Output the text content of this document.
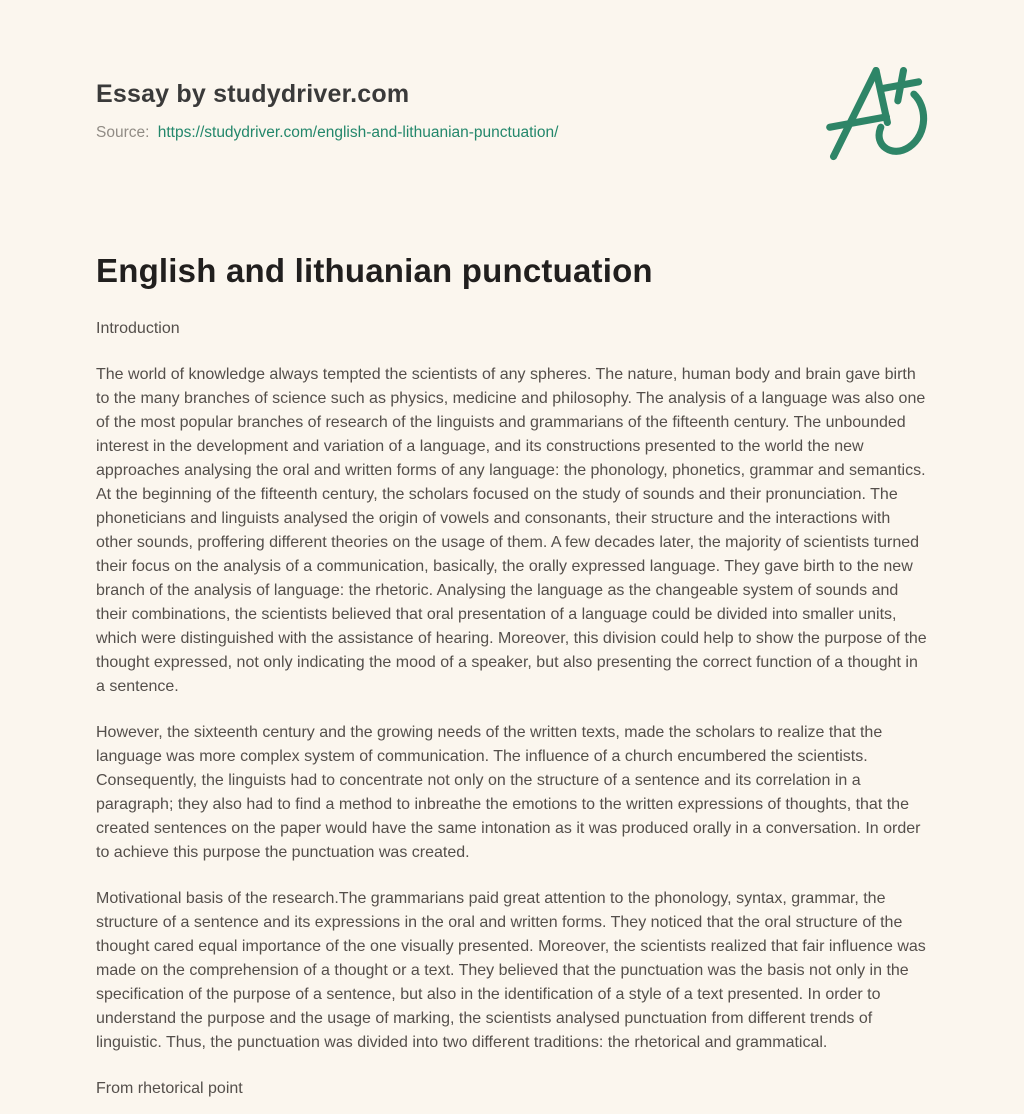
Essay by studydriver.com

Source: https://studydriver.com/english-and-lithuanian-punctuation/

English and lithuanian punctuation

Introduction

The world of knowledge always tempted the scientists of any spheres. The nature, human body and brain gave birth to the many branches of science such as physics, medicine and philosophy. The analysis of a language was also one of the most popular branches of research of the linguists and grammarians of the fifteenth century. The unbounded interest in the development and variation of a language, and its constructions presented to the world the new approaches analysing the oral and written forms of any language: the phonology, phonetics, grammar and semantics. At the beginning of the fifteenth century, the scholars focused on the study of sounds and their pronunciation. The phoneticians and linguists analysed the origin of vowels and consonants, their structure and the interactions with other sounds, proffering different theories on the usage of them. A few decades later, the majority of scientists turned their focus on the analysis of a communication, basically, the orally expressed language. They gave birth to the new branch of the analysis of language: the rhetoric. Analysing the language as the changeable system of sounds and their combinations, the scientists believed that oral presentation of a language could be divided into smaller units, which were distinguished with the assistance of hearing. Moreover, this division could help to show the purpose of the thought expressed, not only indicating the mood of a speaker, but also presenting the correct function of a thought in a sentence.

However, the sixteenth century and the growing needs of the written texts, made the scholars to realize that the language was more complex system of communication. The influence of a church encumbered the scientists. Consequently, the linguists had to concentrate not only on the structure of a sentence and its correlation in a paragraph; they also had to find a method to inbreathe the emotions to the written expressions of thoughts, that the created sentences on the paper would have the same intonation as it was produced orally in a conversation. In order to achieve this purpose the punctuation was created.

Motivational basis of the research.The grammarians paid great attention to the phonology, syntax, grammar, the structure of a sentence and its expressions in the oral and written forms. They noticed that the oral structure of the thought cared equal importance of the one visually presented. Moreover, the scientists realized that fair influence was made on the comprehension of a thought or a text. They believed that the punctuation was the basis not only in the specification of the purpose of a sentence, but also in the identification of a style of a text presented. In order to understand the purpose and the usage of marking, the scientists analysed punctuation from different trends of linguistic. Thus, the punctuation was divided into two different traditions: the rhetorical and grammatical.

From rhetorical point
